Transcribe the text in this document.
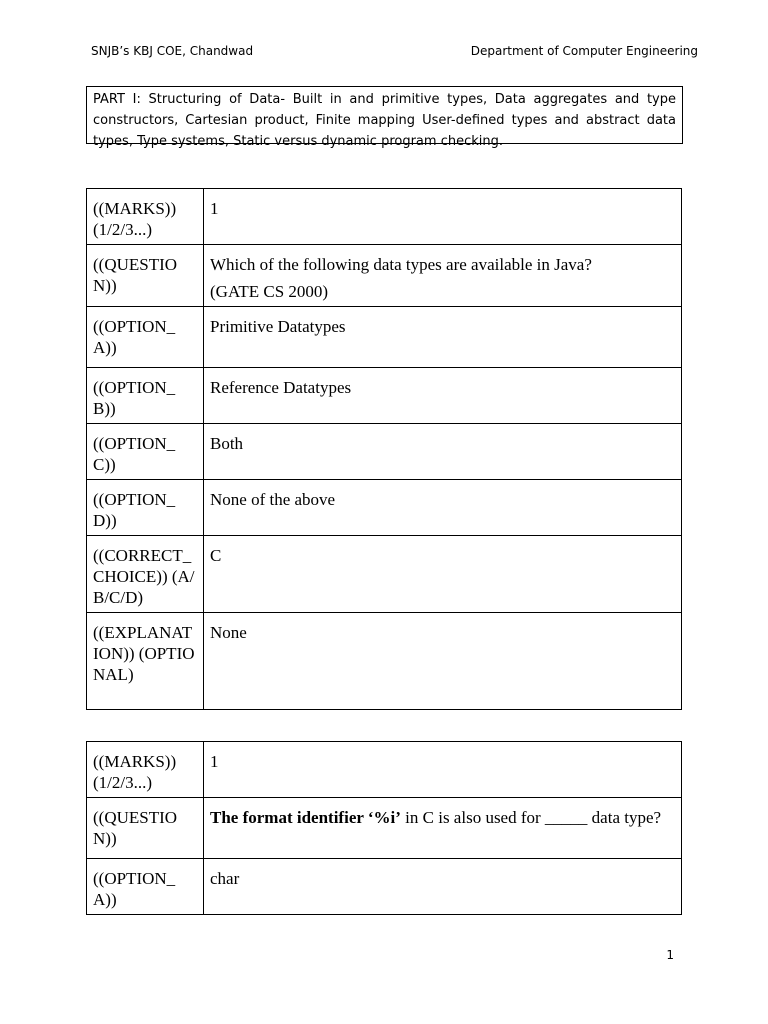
SNJB’s KBJ COE, Chandwad	Department of Computer Engineering
PART I: Structuring of Data- Built in and primitive types, Data aggregates and type constructors, Cartesian product, Finite mapping User-defined types and abstract data types, Type systems, Static versus dynamic program checking.
((MARKS)) (1/2/3...)	1
((QUESTION))	Which of the following data types are available in Java?
(GATE CS 2000)

((OPTION_A))	Primitive Datatypes
((OPTION_B))	Reference Datatypes
((OPTION_C))	Both
((OPTION_D))	None of the above
((CORRECT_CHOICE)) (A/B/C/D)	C
((EXPLANATION)) (OPTIONAL)	None
((MARKS)) (1/2/3...)	1
((QUESTION))	The format identifier ‘%i’ in C is also used for _____ data type?
((OPTION_A))	char
1
